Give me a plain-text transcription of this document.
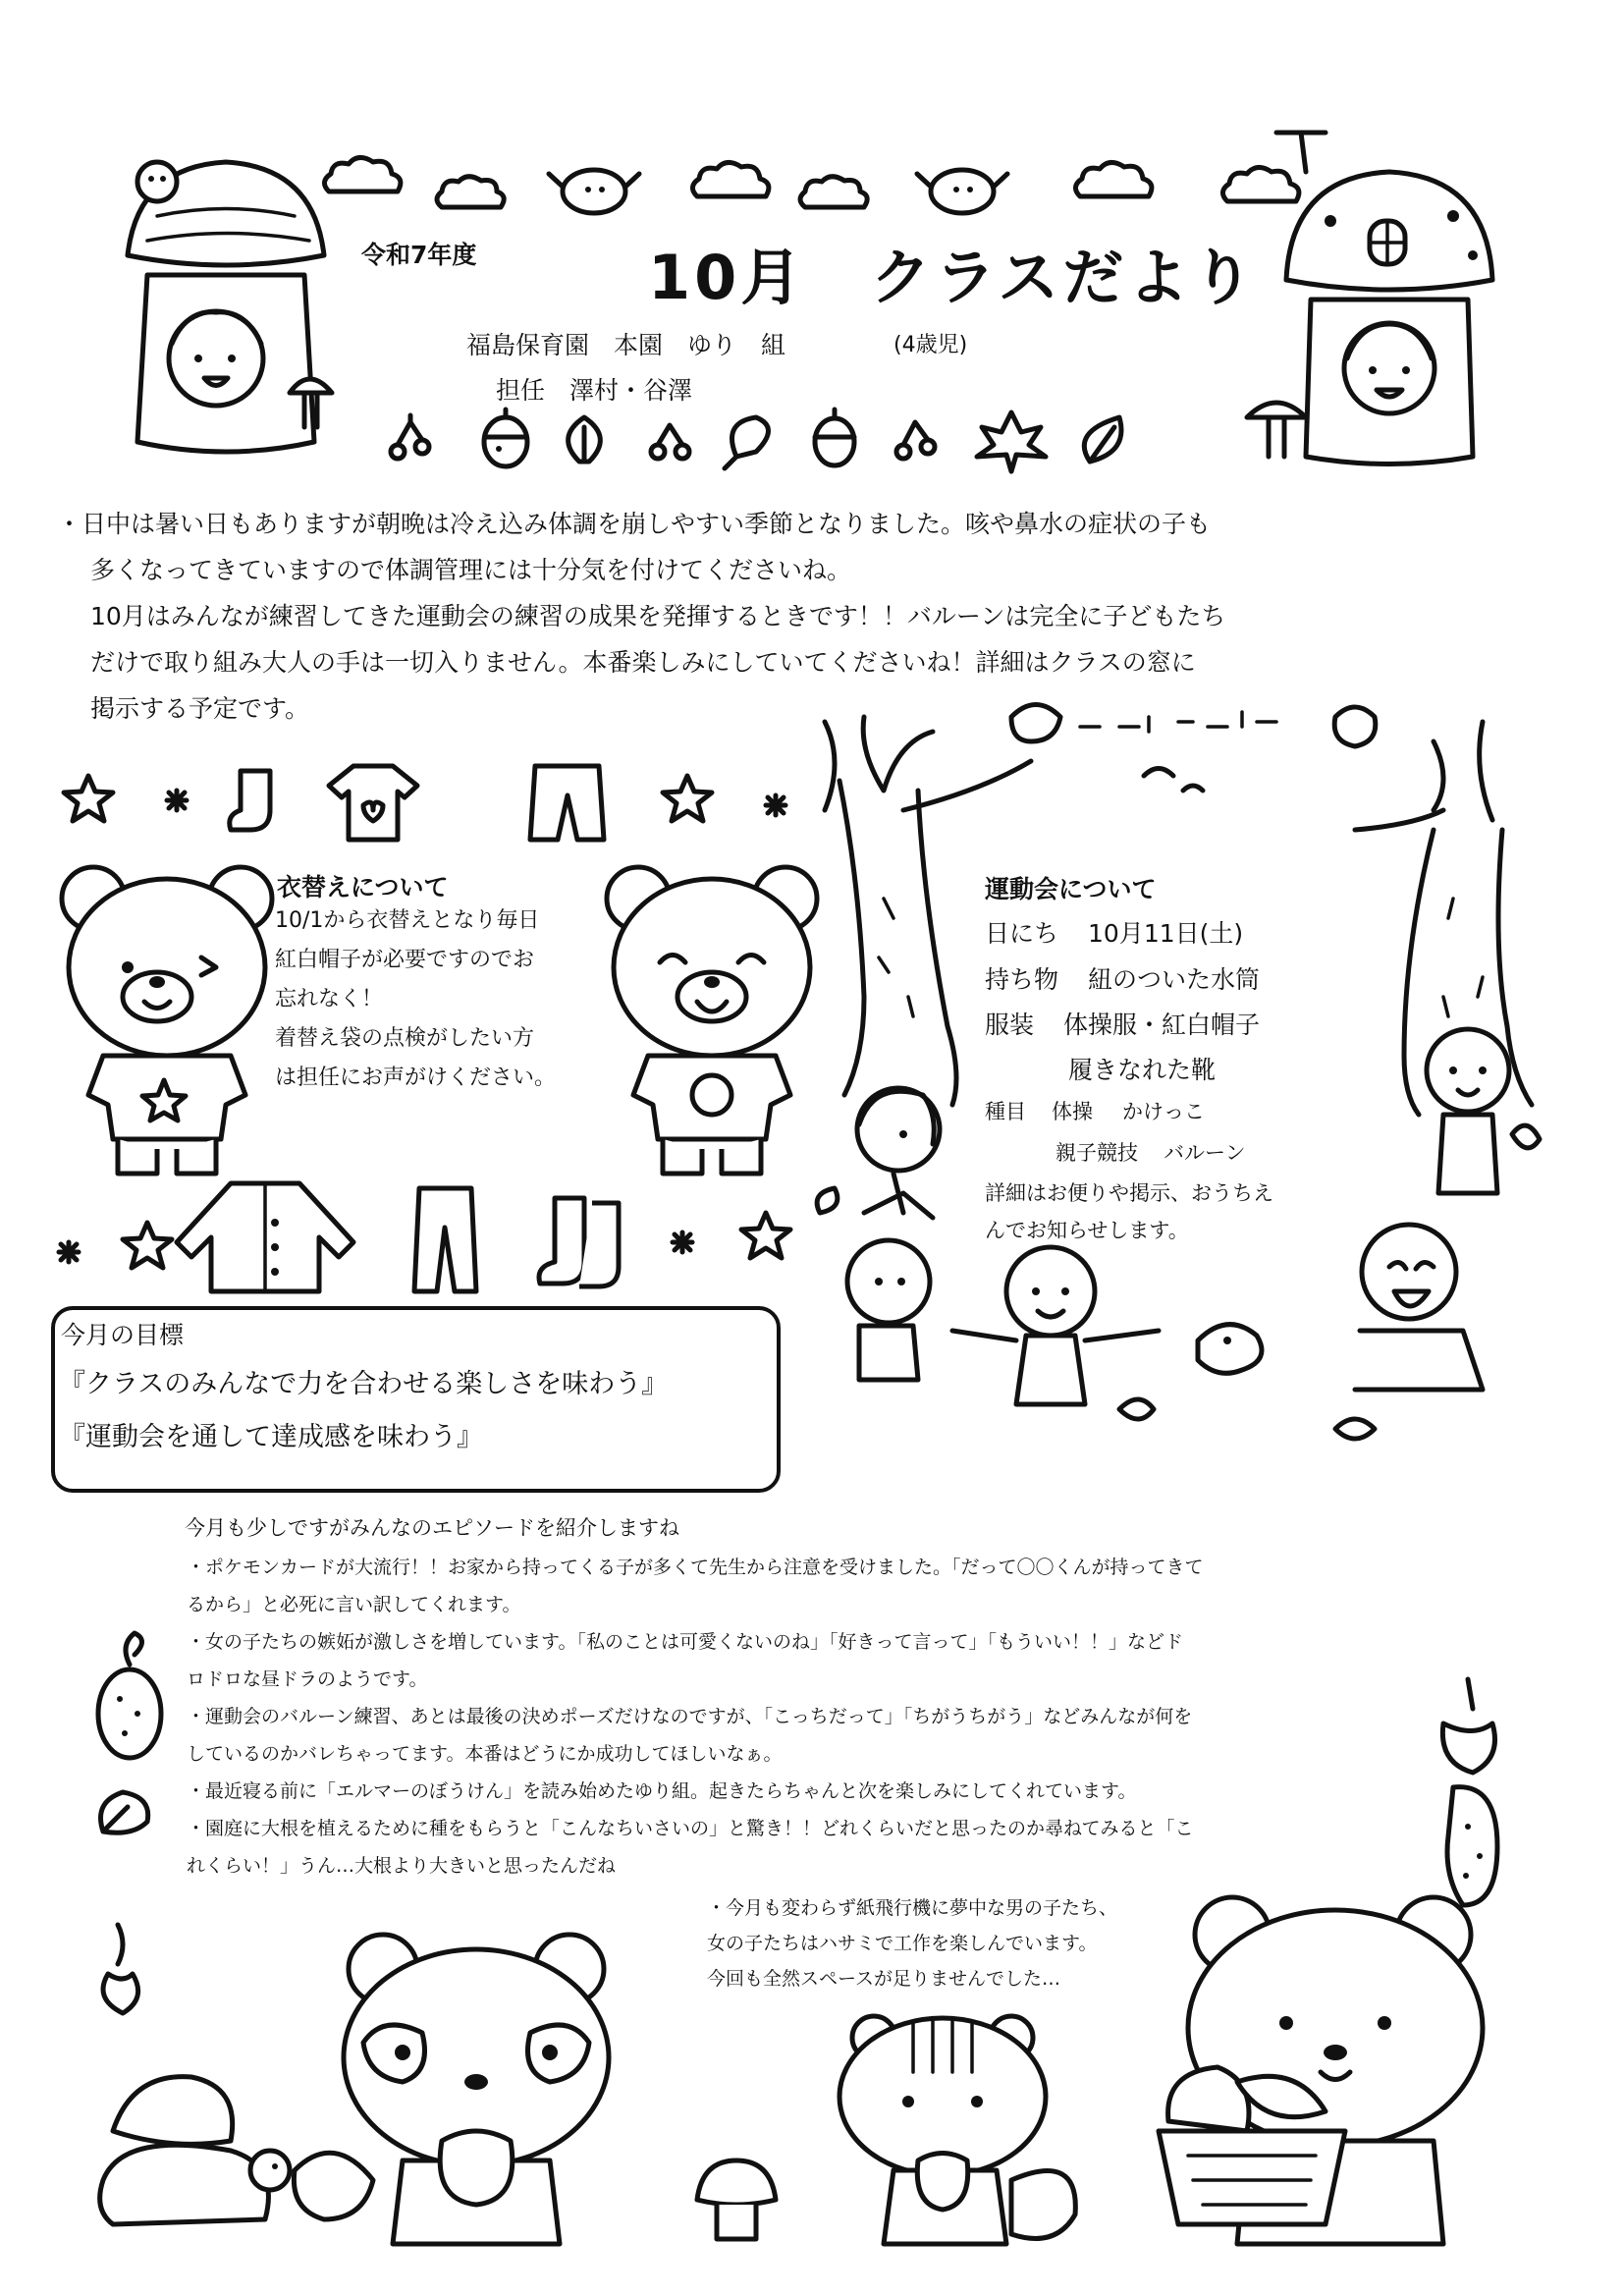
令和7年度	10月　クラスだより
福島保育園　本園　ゆり　組	(4歳児)
担任　澤村・谷澤
・日中は暑い日もありますが朝晩は冷え込み体調を崩しやすい季節となりました。咳や鼻水の症状の子も
多くなってきていますので体調管理には十分気を付けてくださいね。
10月はみんなが練習してきた運動会の練習の成果を発揮するときです！！バルーンは完全に子どもたち
だけで取り組み大人の手は一切入りません。本番楽しみにしていてくださいね！詳細はクラスの窓に
掲示する予定です。
衣替えについて
10/1から衣替えとなり毎日
紅白帽子が必要ですのでお
忘れなく！
着替え袋の点検がしたい方
は担任にお声がけください。
運動会について
日にち 10月11日(土)
持ち物 紐のついた水筒
服装 体操服・紅白帽子
履きなれた靴
種目 体操 かけっこ
親子競技 バルーン
詳細はお便りや掲示、おうちえ
んでお知らせします。
今月の目標
『クラスのみんなで力を合わせる楽しさを味わう』
『運動会を通して達成感を味わう』
今月も少しですがみんなのエピソードを紹介しますね
・ポケモンカードが大流行！！お家から持ってくる子が多くて先生から注意を受けました。「だって〇〇くんが持ってきて
るから」と必死に言い訳してくれます。
・女の子たちの嫉妬が激しさを増しています。「私のことは可愛くないのね」「好きって言って」「もういい！！」などド
ロドロな昼ドラのようです。
・運動会のバルーン練習、あとは最後の決めポーズだけなのですが、「こっちだって」「ちがうちがう」などみんなが何を
しているのかバレちゃってます。本番はどうにか成功してほしいなぁ。
・最近寝る前に「エルマーのぼうけん」を読み始めたゆり組。起きたらちゃんと次を楽しみにしてくれています。
・園庭に大根を植えるために種をもらうと「こんなちいさいの」と驚き！！どれくらいだと思ったのか尋ねてみると「こ
れくらい！」うん…大根より大きいと思ったんだね
・今月も変わらず紙飛行機に夢中な男の子たち、
女の子たちはハサミで工作を楽しんでいます。
今回も全然スペースが足りませんでした…
